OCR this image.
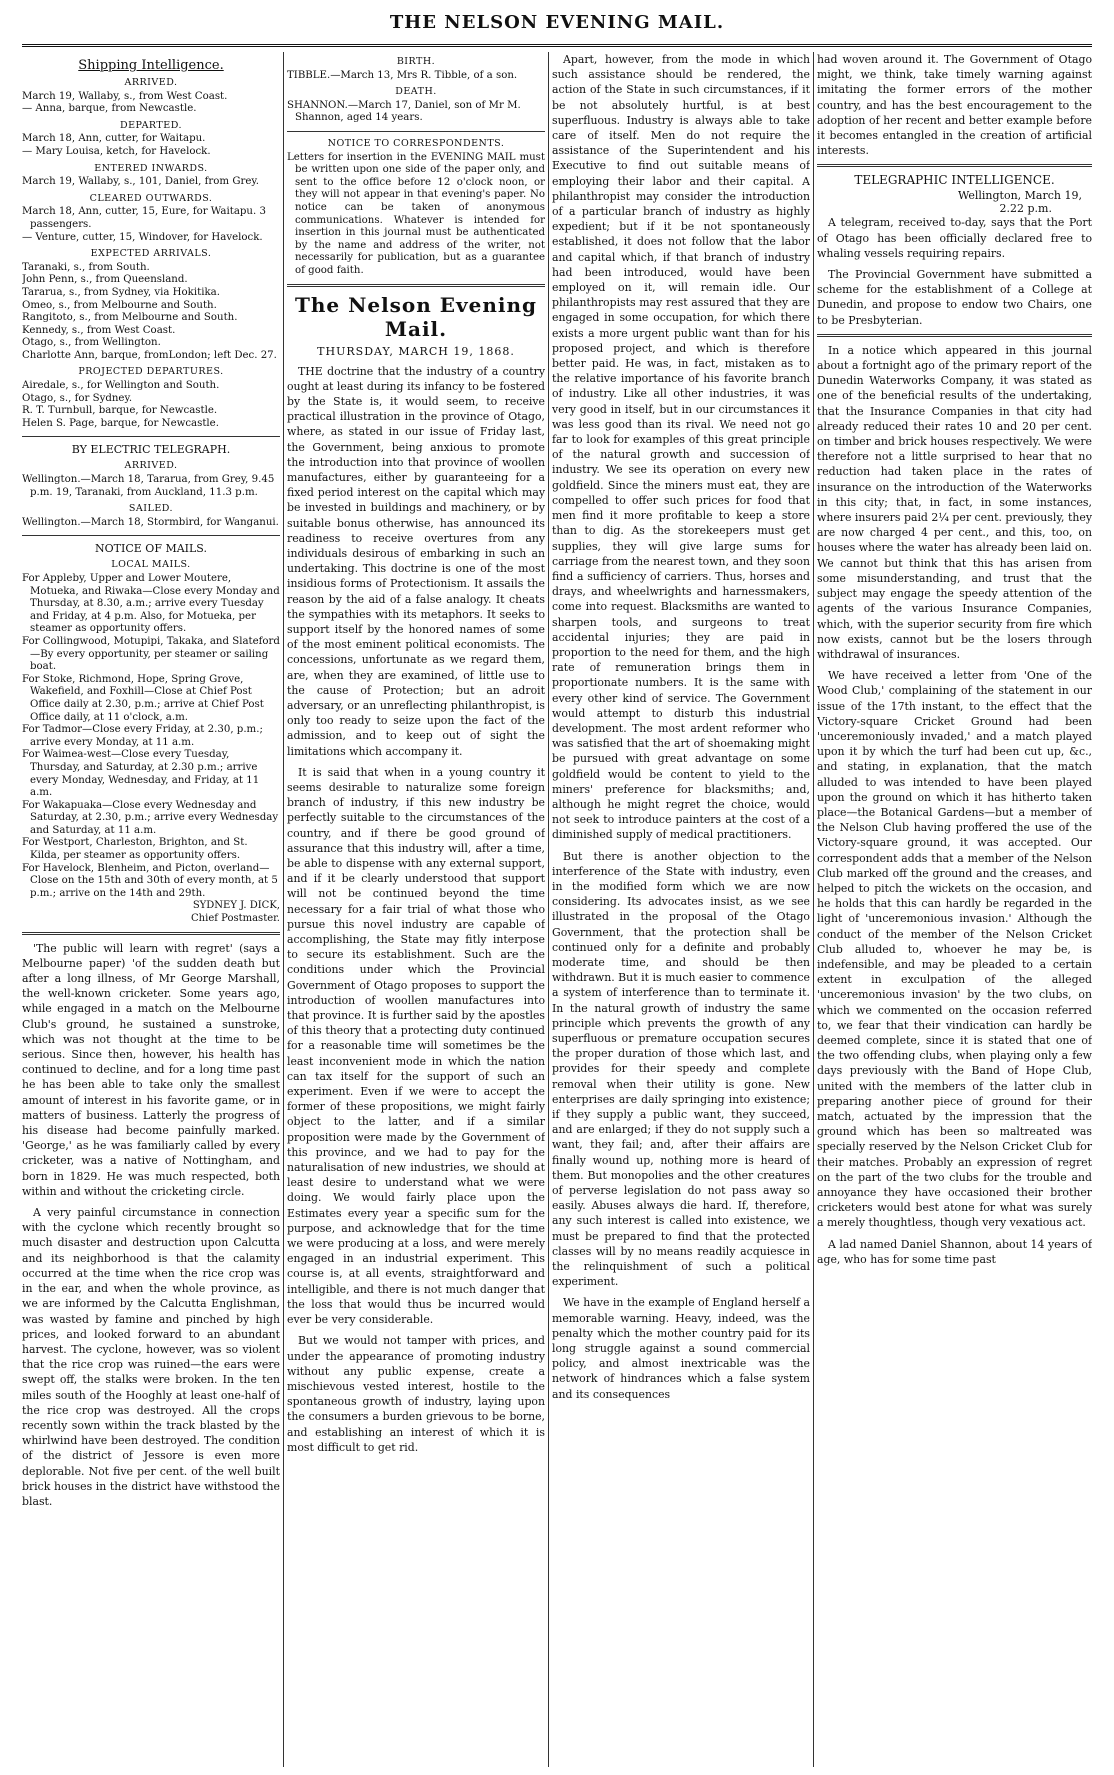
THE NELSON EVENING MAIL.
Shipping Intelligence.
ARRIVED.

March 19, Wallaby, s., from West Coast.

— Anna, barque, from Newcastle.

DEPARTED.

March 18, Ann, cutter, for Waitapu.

— Mary Louisa, ketch, for Havelock.

ENTERED INWARDS.

March 19, Wallaby, s., 101, Daniel, from Grey.

CLEARED OUTWARDS.

March 18, Ann, cutter, 15, Eure, for Waitapu. 3 passengers.

— Venture, cutter, 15, Windover, for Havelock.

EXPECTED ARRIVALS.

Taranaki, s., from South.

John Penn, s., from Queensland.

Tararua, s., from Sydney, via Hokitika.

Omeo, s., from Melbourne and South.

Rangitoto, s., from Melbourne and South.

Kennedy, s., from West Coast.

Otago, s., from Wellington.

Charlotte Ann, barque, fromLondon; left Dec. 27.

PROJECTED DEPARTURES.

Airedale, s., for Wellington and South.

Otago, s., for Sydney.

R. T. Turnbull, barque, for Newcastle.

Helen S. Page, barque, for Newcastle.

BY ELECTRIC TELEGRAPH.
ARRIVED.

Wellington.—March 18, Tararua, from Grey, 9.45 p.m. 19, Taranaki, from Auckland, 11.3 p.m.

SAILED.

Wellington.—March 18, Stormbird, for Wanganui.

NOTICE OF MAILS.
LOCAL MAILS.

For Appleby, Upper and Lower Moutere, Motueka, and Riwaka—Close every Monday and Thursday, at 8.30, a.m.; arrive every Tuesday and Friday, at 4 p.m. Also, for Motueka, per steamer as opportunity offers.

For Collingwood, Motupipi, Takaka, and Slateford—By every opportunity, per steamer or sailing boat.

For Stoke, Richmond, Hope, Spring Grove, Wakefield, and Foxhill—Close at Chief Post Office daily at 2.30, p.m.; arrive at Chief Post Office daily, at 11 o'clock, a.m.

For Tadmor—Close every Friday, at 2.30, p.m.; arrive every Monday, at 11 a.m.

For Waimea-west—Close every Tuesday, Thursday, and Saturday, at 2.30 p.m.; arrive every Monday, Wednesday, and Friday, at 11 a.m.

For Wakapuaka—Close every Wednesday and Saturday, at 2.30, p.m.; arrive every Wednesday and Saturday, at 11 a.m.

For Westport, Charleston, Brighton, and St. Kilda, per steamer as opportunity offers.

For Havelock, Blenheim, and Picton, overland—Close on the 15th and 30th of every month, at 5 p.m.; arrive on the 14th and 29th.

SYDNEY J. DICK,

Chief Postmaster.

'The public will learn with regret' (says a Melbourne paper) 'of the sudden death but after a long illness, of Mr George Marshall, the well-known cricketer. Some years ago, while engaged in a match on the Melbourne Club's ground, he sustained a sunstroke, which was not thought at the time to be serious. Since then, however, his health has continued to decline, and for a long time past he has been able to take only the smallest amount of interest in his favorite game, or in matters of business. Latterly the progress of his disease had become painfully marked. 'George,' as he was familiarly called by every cricketer, was a native of Nottingham, and born in 1829. He was much respected, both within and without the cricketing circle.

A very painful circumstance in connection with the cyclone which recently brought so much disaster and destruction upon Calcutta and its neighborhood is that the calamity occurred at the time when the rice crop was in the ear, and when the whole province, as we are informed by the Calcutta Englishman, was wasted by famine and pinched by high prices, and looked forward to an abundant harvest. The cyclone, however, was so violent that the rice crop was ruined—the ears were swept off, the stalks were broken. In the ten miles south of the Hooghly at least one-half of the rice crop was destroyed. All the crops recently sown within the track blasted by the whirlwind have been destroyed. The condition of the district of Jessore is even more deplorable. Not five per cent. of the well built brick houses in the district have withstood the blast.

BIRTH.

TIBBLE.—March 13, Mrs R. Tibble, of a son.

DEATH.

SHANNON.—March 17, Daniel, son of Mr M. Shannon, aged 14 years.

NOTICE TO CORRESPONDENTS.

Letters for insertion in the EVENING MAIL must be written upon one side of the paper only, and sent to the office before 12 o'clock noon, or they will not appear in that evening's paper. No notice can be taken of anonymous communications. Whatever is intended for insertion in this journal must be authenticated by the name and address of the writer, not necessarily for publication, but as a guarantee of good faith.

The Nelson Evening Mail.
THURSDAY, MARCH 19, 1868.

THE doctrine that the industry of a country ought at least during its infancy to be fostered by the State is, it would seem, to receive practical illustration in the province of Otago, where, as stated in our issue of Friday last, the Government, being anxious to promote the introduction into that province of woollen manufactures, either by guaranteeing for a fixed period interest on the capital which may be invested in buildings and machinery, or by suitable bonus otherwise, has announced its readiness to receive overtures from any individuals desirous of embarking in such an undertaking. This doctrine is one of the most insidious forms of Protectionism. It assails the reason by the aid of a false analogy. It cheats the sympathies with its metaphors. It seeks to support itself by the honored names of some of the most eminent political economists. The concessions, unfortunate as we regard them, are, when they are examined, of little use to the cause of Protection; but an adroit adversary, or an unreflecting philanthropist, is only too ready to seize upon the fact of the admission, and to keep out of sight the limitations which accompany it.

It is said that when in a young country it seems desirable to naturalize some foreign branch of industry, if this new industry be perfectly suitable to the circumstances of the country, and if there be good ground of assurance that this industry will, after a time, be able to dispense with any external support, and if it be clearly understood that support will not be continued beyond the time necessary for a fair trial of what those who pursue this novel industry are capable of accomplishing, the State may fitly interpose to secure its establishment. Such are the conditions under which the Provincial Government of Otago proposes to support the introduction of woollen manufactures into that province. It is further said by the apostles of this theory that a protecting duty continued for a reasonable time will sometimes be the least inconvenient mode in which the nation can tax itself for the support of such an experiment. Even if we were to accept the former of these propositions, we might fairly object to the latter, and if a similar proposition were made by the Government of this province, and we had to pay for the naturalisation of new industries, we should at least desire to understand what we were doing. We would fairly place upon the Estimates every year a specific sum for the purpose, and acknowledge that for the time we were producing at a loss, and were merely engaged in an industrial experiment. This course is, at all events, straightforward and intelligible, and there is not much danger that the loss that would thus be incurred would ever be very considerable.

But we would not tamper with prices, and under the appearance of promoting industry without any public expense, create a mischievous vested interest, hostile to the spontaneous growth of industry, laying upon the consumers a burden grievous to be borne, and establishing an interest of which it is most difficult to get rid.

Apart, however, from the mode in which such assistance should be rendered, the action of the State in such circumstances, if it be not absolutely hurtful, is at best superfluous. Industry is always able to take care of itself. Men do not require the assistance of the Superintendent and his Executive to find out suitable means of employing their labor and their capital. A philanthropist may consider the introduction of a particular branch of industry as highly expedient; but if it be not spontaneously established, it does not follow that the labor and capital which, if that branch of industry had been introduced, would have been employed on it, will remain idle. Our philanthropists may rest assured that they are engaged in some occupation, for which there exists a more urgent public want than for his proposed project, and which is therefore better paid. He was, in fact, mistaken as to the relative importance of his favorite branch of industry. Like all other industries, it was very good in itself, but in our circumstances it was less good than its rival. We need not go far to look for examples of this great principle of the natural growth and succession of industry. We see its operation on every new goldfield. Since the miners must eat, they are compelled to offer such prices for food that men find it more profitable to keep a store than to dig. As the storekeepers must get supplies, they will give large sums for carriage from the nearest town, and they soon find a sufficiency of carriers. Thus, horses and drays, and wheelwrights and harnessmakers, come into request. Blacksmiths are wanted to sharpen tools, and surgeons to treat accidental injuries; they are paid in proportion to the need for them, and the high rate of remuneration brings them in proportionate numbers. It is the same with every other kind of service. The Government would attempt to disturb this industrial development. The most ardent reformer who was satisfied that the art of shoemaking might be pursued with great advantage on some goldfield would be content to yield to the miners' preference for blacksmiths; and, although he might regret the choice, would not seek to introduce painters at the cost of a diminished supply of medical practitioners.

But there is another objection to the interference of the State with industry, even in the modified form which we are now considering. Its advocates insist, as we see illustrated in the proposal of the Otago Government, that the protection shall be continued only for a definite and probably moderate time, and should be then withdrawn. But it is much easier to commence a system of interference than to terminate it. In the natural growth of industry the same principle which prevents the growth of any superfluous or premature occupation secures the proper duration of those which last, and provides for their speedy and complete removal when their utility is gone. New enterprises are daily springing into existence; if they supply a public want, they succeed, and are enlarged; if they do not supply such a want, they fail; and, after their affairs are finally wound up, nothing more is heard of them. But monopolies and the other creatures of perverse legislation do not pass away so easily. Abuses always die hard. If, therefore, any such interest is called into existence, we must be prepared to find that the protected classes will by no means readily acquiesce in the relinquishment of such a political experiment.

We have in the example of England herself a memorable warning. Heavy, indeed, was the penalty which the mother country paid for its long struggle against a sound commercial policy, and almost inextricable was the network of hindrances which a false system and its consequences

had woven around it. The Government of Otago might, we think, take timely warning against imitating the former errors of the mother country, and has the best encouragement to the adoption of her recent and better example before it becomes entangled in the creation of artificial interests.

TELEGRAPHIC INTELLIGENCE.
Wellington, March 19,
2.22 p.m.

A telegram, received to-day, says that the Port of Otago has been officially declared free to whaling vessels requiring repairs.

The Provincial Government have submitted a scheme for the establishment of a College at Dunedin, and propose to endow two Chairs, one to be Presbyterian.

In a notice which appeared in this journal about a fortnight ago of the primary report of the Dunedin Waterworks Company, it was stated as one of the beneficial results of the undertaking, that the Insurance Companies in that city had already reduced their rates 10 and 20 per cent. on timber and brick houses respectively. We were therefore not a little surprised to hear that no reduction had taken place in the rates of insurance on the introduction of the Waterworks in this city; that, in fact, in some instances, where insurers paid 2¼ per cent. previously, they are now charged 4 per cent., and this, too, on houses where the water has already been laid on. We cannot but think that this has arisen from some misunderstanding, and trust that the subject may engage the speedy attention of the agents of the various Insurance Companies, which, with the superior security from fire which now exists, cannot but be the losers through withdrawal of insurances.

We have received a letter from 'One of the Wood Club,' complaining of the statement in our issue of the 17th instant, to the effect that the Victory-square Cricket Ground had been 'unceremoniously invaded,' and a match played upon it by which the turf had been cut up, &c., and stating, in explanation, that the match alluded to was intended to have been played upon the ground on which it has hitherto taken place—the Botanical Gardens—but a member of the Nelson Club having proffered the use of the Victory-square ground, it was accepted. Our correspondent adds that a member of the Nelson Club marked off the ground and the creases, and helped to pitch the wickets on the occasion, and he holds that this can hardly be regarded in the light of 'unceremonious invasion.' Although the conduct of the member of the Nelson Cricket Club alluded to, whoever he may be, is indefensible, and may be pleaded to a certain extent in exculpation of the alleged 'unceremonious invasion' by the two clubs, on which we commented on the occasion referred to, we fear that their vindication can hardly be deemed complete, since it is stated that one of the two offending clubs, when playing only a few days previously with the Band of Hope Club, united with the members of the latter club in preparing another piece of ground for their match, actuated by the impression that the ground which has been so maltreated was specially reserved by the Nelson Cricket Club for their matches. Probably an expression of regret on the part of the two clubs for the trouble and annoyance they have occasioned their brother cricketers would best atone for what was surely a merely thoughtless, though very vexatious act.

A lad named Daniel Shannon, about 14 years of age, who has for some time past
